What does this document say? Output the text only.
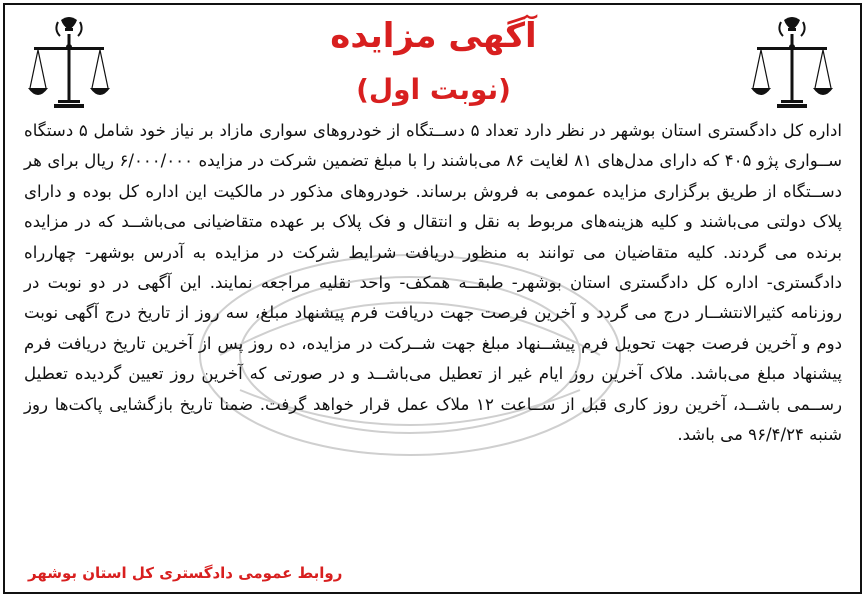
آگهی مزایده
(نوبت اول)
اداره کل دادگستری استان بوشهر در نظر دارد تعداد ۵ دســتگاه از خودروهای سواری مازاد بر نیاز خود شامل ۵ دستگاه ســواری پژو ۴۰۵ که دارای مدل‌های ۸۱ لغایت ۸۶ می‌باشند را با مبلغ تضمین شرکت در مزایده ۶/۰۰۰/۰۰۰ ریال برای هر دســتگاه از طریق برگزاری مزایده عمومی به فروش برساند. خودروهای مذکور در مالکیت این اداره کل بوده و دارای پلاک دولتی می‌باشند و کلیه هزینه‌های مربوط به نقل و انتقال و فک پلاک بر عهده متقاضیانی می‌باشــد که در مزایده برنده می گردند. کلیه متقاضیان می توانند به منظور دریافت شرایط شرکت در مزایده به آدرس بوشهر- چهارراه دادگستری- اداره کل دادگستری استان بوشهر- طبقــه همکف- واحد نقلیه مراجعه نمایند. این آگهی در دو نوبت در روزنامه کثیرالانتشــار درج می گردد و آخرین فرصت جهت دریافت فرم پیشنهاد مبلغ، سه روز از تاریخ درج آگهی نوبت دوم و آخرین فرصت جهت تحویل فرم پیشــنهاد مبلغ جهت شــرکت در مزایده، ده روز پس از آخرین تاریخ دریافت فرم پیشنهاد مبلغ می‌باشد. ملاک آخرین روز ایام غیر از تعطیل می‌باشــد و در صورتی که آخرین روز تعیین گردیده تعطیل رســمی باشــد، آخرین روز کاری قبل از ســاعت ۱۲ ملاک عمل قرار خواهد گرفت. ضمنا تاریخ بازگشایی پاکت‌ها روز شنبه ۹۶/۴/۲۴ می باشد.
روابط عمومی دادگستری کل استان بوشهر
